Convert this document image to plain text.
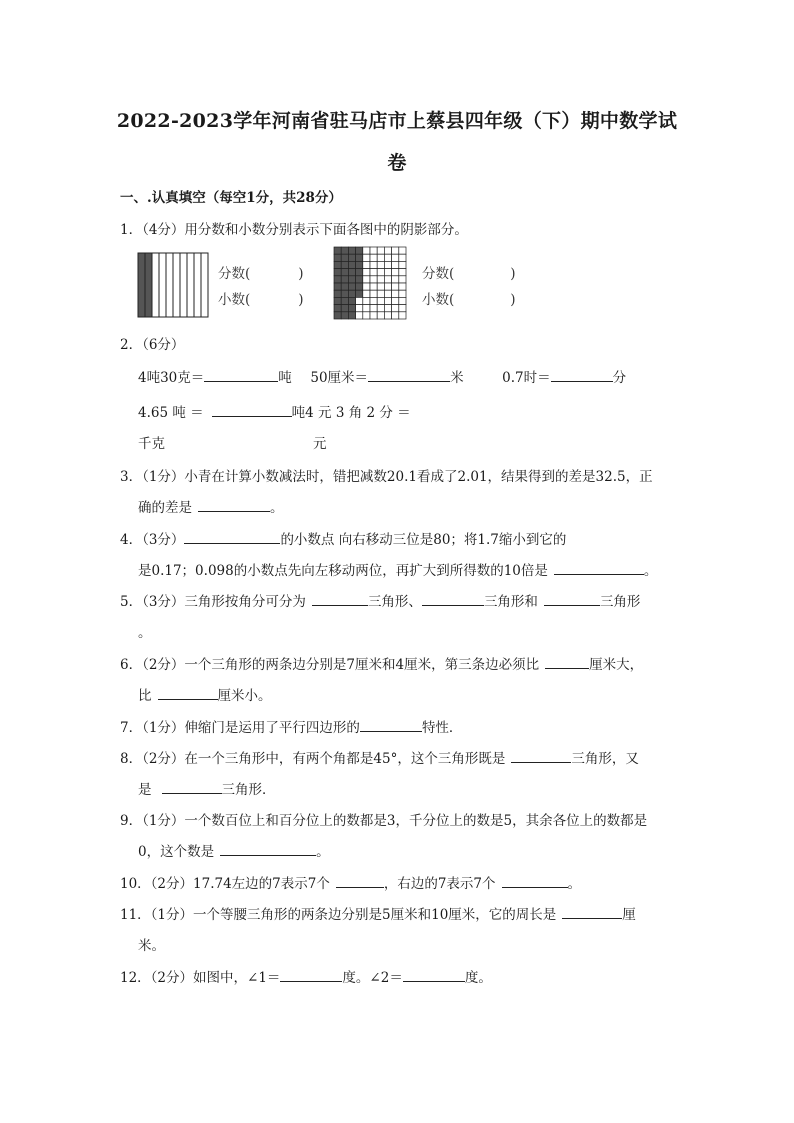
2022-2023学年河南省驻马店市上蔡县四年级（下）期中数学试
卷
一、.认真填空（每空1分，共28分）
1．（4分）用分数和小数分别表示下面各图中的阴影部分。
分数(	)
小数(	)
分数(	)
小数(	)
2．（6分）
4吨30克＝	吨 50厘米＝	米	0.7时＝	分
4.65 吨 ＝	吨4 元 3 角 2 分 ＝
千克	元
3．（1分）小青在计算小数减法时，错把减数20.1看成了2.01，结果得到的差是32.5，正
确的差是	。
4．（3分）	的小数点 向右移动三位是80；将1.7缩小到它的
是0.17；0.098的小数点先向左移动两位，再扩大到所得数的10倍是	。
5．（3分）三角形按角分可分为	三角形、	三角形和	三角形
。
6．（2分）一个三角形的两条边分别是7厘米和4厘米，第三条边必须比	厘米大，
比	厘米小。
7．（1分）伸缩门是运用了平行四边形的	特性．
8．（2分）在一个三角形中，有两个角都是45°，这个三角形既是	三角形，又
是	三角形．
9．（1分）一个数百位上和百分位上的数都是3，千分位上的数是5，其余各位上的数都是
0，这个数是	。
10．（2分）17.74左边的7表示7个	，右边的7表示7个	。
11．（1分）一个等腰三角形的两条边分别是5厘米和10厘米，它的周长是	厘
米。
12．（2分）如图中，∠1＝	度。∠2＝	度。
